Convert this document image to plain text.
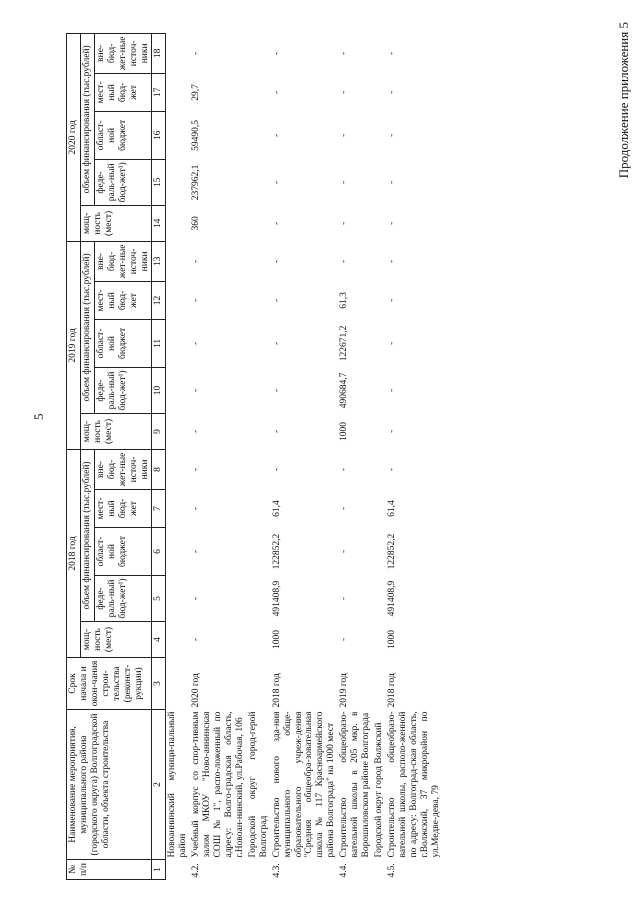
5
Продолжение приложения 5
№ п/п	Наименование мероприятия, муниципального района (городского округа) Волгоградской области, объекта строительства	Срок начала и окон-чания строи-тельства (реконст-рукции)	2018 год					2019 год					2020 год				
			мощ-ность (мест)	объем финансирования (тыс.рублей)				мощ-ность (мест)	объем финансирования (тыс.рублей)				мощ-ность (мест)	объем финансирования (тыс.рублей)			
				феде-раль-ный бюд-жет¹)	област-ной бюджет	мест-ный бюд-жет	вне-бюд-жет-ные источ-ники		феде-раль-ный бюд-жет¹)	област-ной бюджет	мест-ный бюд-жет	вне-бюд-жет-ные источ-ники		феде-раль-ный бюд-жет¹)	област-ной бюджет	мест-ный бюд-жет	вне-бюд-жет-ные источ-ники
1	2	3	4	5	6	7	8	9	10	11	12	13	14	15	16	17	18
	Новоаннинский муници-пальный район																
4.2.	Учебный корпус со спор-тивным залом МКОУ "Ново-аннинская СОШ № 1", распо-ложенный по адресу: Волго-градская область, г.Новоан-нинский, ул.Рабочая, 106	2020 год	-	-	-	-	-	-	-	-	-	-	360	237962,1	59490,5	29,7	-
	Городской округ город-герой Волгоград																
4.3.	Строительство нового зда-ния муниципального обще-образовательного учреж-дения "Средняя общеобра-зовательная школа № 117 Красноармейского района Волгограда" на 1000 мест	2018 год	1000	491408,9	122852,2	61,4	-	-	-	-	-	-	-	-	-	-	-
4.4.	Строительство общеобразо-вательной школы в 205 мкр. в Ворошиловском районе Волгограда	2019 год	-	-	-	-	-	1000	490684,7	122671,2	61,3	-	-	-	-	-	-
	Городской округ город Волжский																
4.5.	Строительство общеобразо-вательной школы, располо-женной по адресу: Волгоград-ская область, г.Волжский, 37 микрорайон по ул.Медве-дева, 79	2018 год	1000	491408,9	122852,2	61,4	-	-	-	-	-	-	-	-	-	-	-
